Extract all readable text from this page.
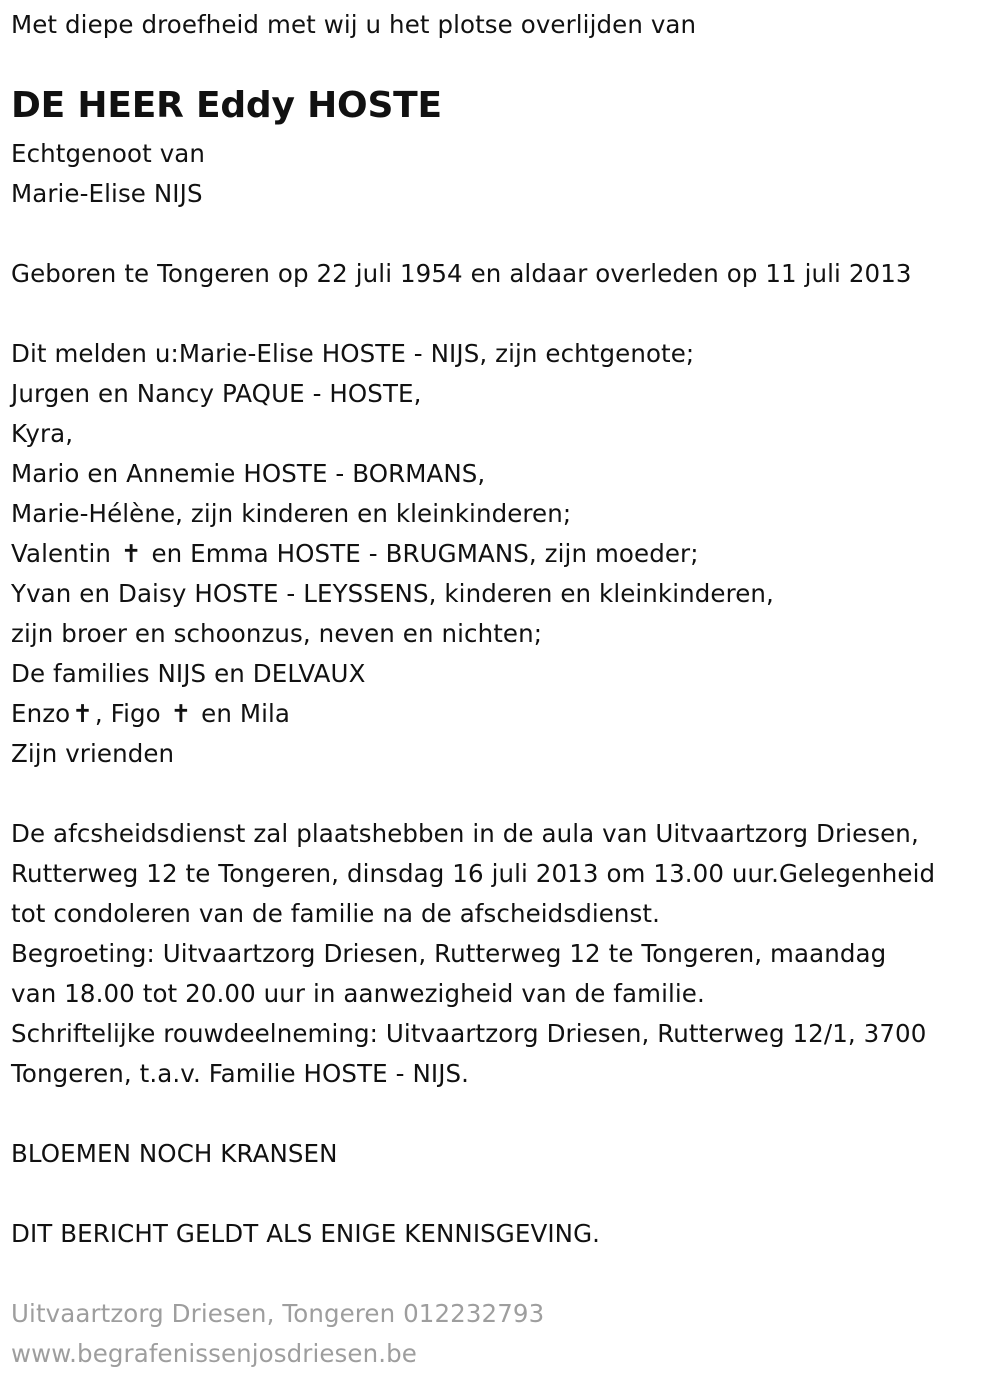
Met diepe droefheid met wij u het plotse overlijden van
DE HEER Eddy HOSTE
Echtgenoot van
Marie-Elise NIJS
Geboren te Tongeren op 22 juli 1954 en aldaar overleden op 11 juli 2013
Dit melden u:Marie-Elise HOSTE - NIJS, zijn echtgenote;
Jurgen en Nancy PAQUE - HOSTE,
Kyra,
Mario en Annemie HOSTE - BORMANS,
Marie-Hélène, zijn kinderen en kleinkinderen;
Valentin ✝ en Emma HOSTE - BRUGMANS, zijn moeder;
Yvan en Daisy HOSTE - LEYSSENS, kinderen en kleinkinderen,
zijn broer en schoonzus, neven en nichten;
De families NIJS en DELVAUX
Enzo✝, Figo ✝ en Mila
Zijn vrienden
De afcsheidsdienst zal plaatshebben in de aula van Uitvaartzorg Driesen,
Rutterweg 12 te Tongeren, dinsdag 16 juli 2013 om 13.00 uur.Gelegenheid
tot condoleren van de familie na de afscheidsdienst.
Begroeting: Uitvaartzorg Driesen, Rutterweg 12 te Tongeren, maandag
van 18.00 tot 20.00 uur in aanwezigheid van de familie.
Schriftelijke rouwdeelneming: Uitvaartzorg Driesen, Rutterweg 12/1, 3700
Tongeren, t.a.v. Familie HOSTE - NIJS.
BLOEMEN NOCH KRANSEN
DIT BERICHT GELDT ALS ENIGE KENNISGEVING.
Uitvaartzorg Driesen, Tongeren 012232793
www.begrafenissenjosdriesen.be
